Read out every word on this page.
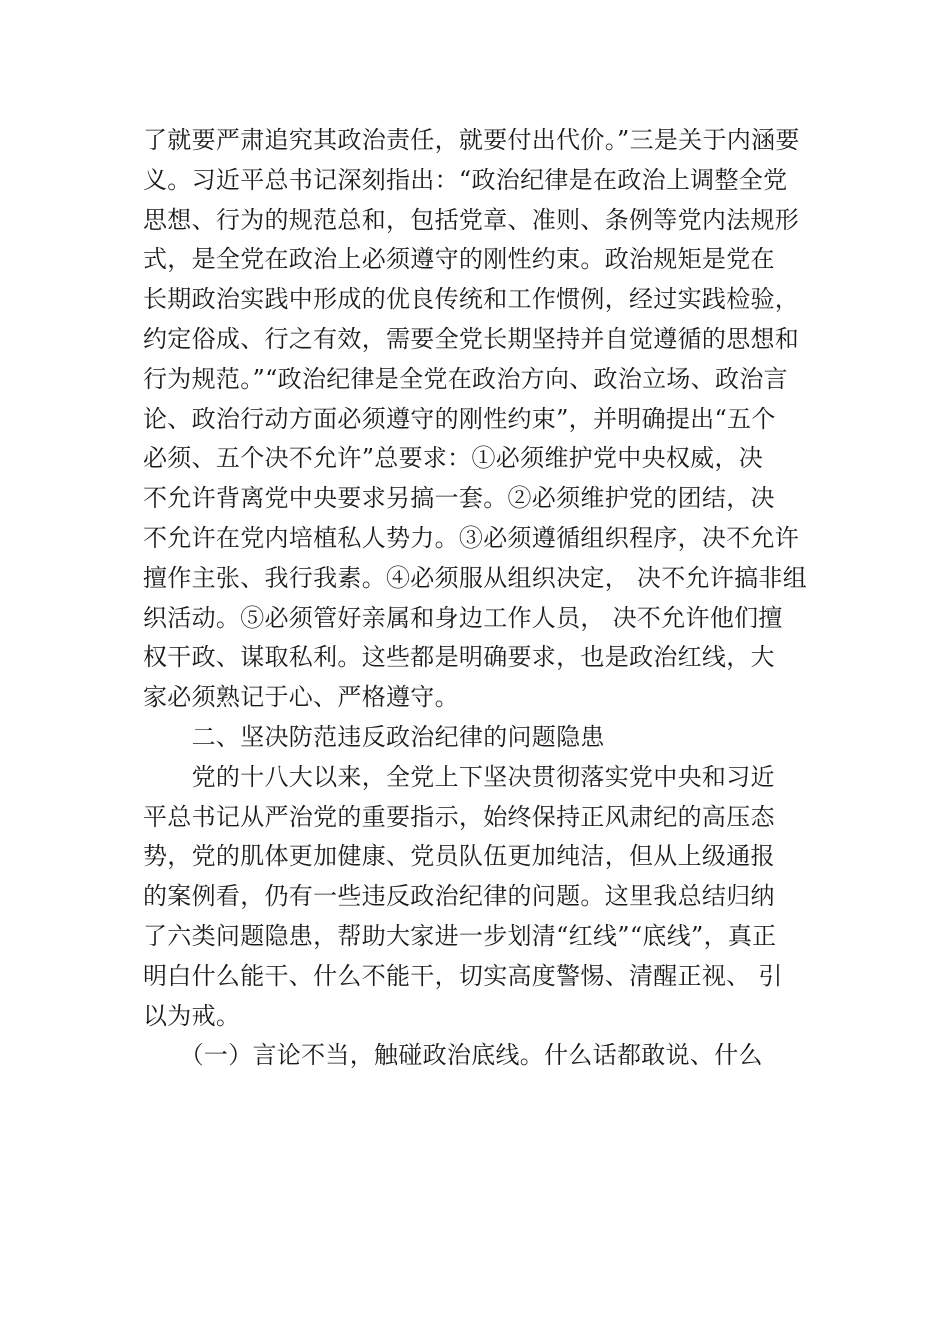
了就要严肃追究其政治责任，就要付出代价。”三是关于内涵要
义。习近平总书记深刻指出：“政治纪律是在政治上调整全党
思想、行为的规范总和，包括党章、准则、条例等党内法规形
式，是全党在政治上必须遵守的刚性约束。政治规矩是党在
长期政治实践中形成的优良传统和工作惯例，经过实践检验，
约定俗成、行之有效，需要全党长期坚持并自觉遵循的思想和
行为规范。”“政治纪律是全党在政治方向、政治立场、政治言
论、政治行动方面必须遵守的刚性约束”，并明确提出“五个
必须、五个决不允许”总要求：①必须维护党中央权威，决
不允许背离党中央要求另搞一套。②必须维护党的团结，决
不允许在党内培植私人势力。③必须遵循组织程序，决不允许
擅作主张、我行我素。④必须服从组织决定， 决不允许搞非组
织活动。⑤必须管好亲属和身边工作人员， 决不允许他们擅
权干政、谋取私利。这些都是明确要求，也是政治红线，大
家必须熟记于心、严格遵守。
　　二、坚决防范违反政治纪律的问题隐患
　　党的十八大以来，全党上下坚决贯彻落实党中央和习近
平总书记从严治党的重要指示，始终保持正风肃纪的高压态
势，党的肌体更加健康、党员队伍更加纯洁，但从上级通报
的案例看，仍有一些违反政治纪律的问题。这里我总结归纳
了六类问题隐患，帮助大家进一步划清“红线”“底线”，真正
明白什么能干、什么不能干，切实高度警惕、清醒正视、 引
以为戒。
　　（一）言论不当，触碰政治底线。什么话都敢说、什么
